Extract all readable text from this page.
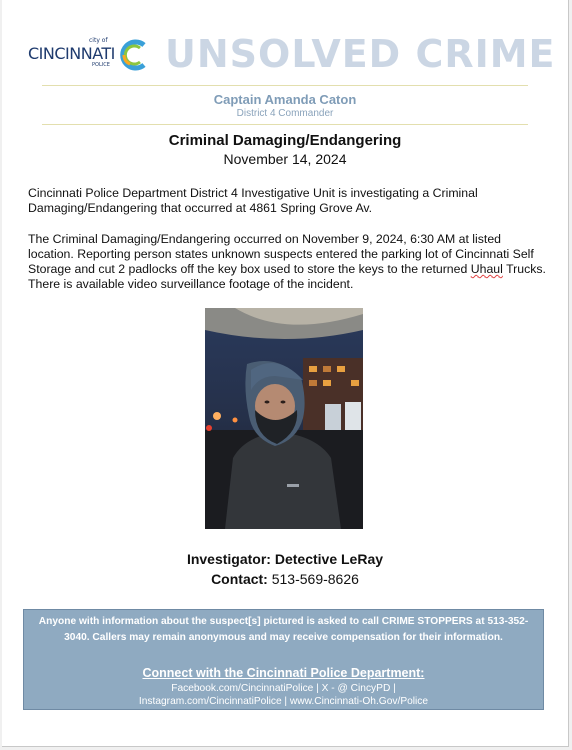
city of
CINCINNATI
POLICE UNSOLVED CRIME
Captain Amanda Caton
District 4 Commander
Criminal Damaging/Endangering
November 14, 2024
Cincinnati Police Department District 4 Investigative Unit is investigating a Criminal Damaging/Endangering that occurred at 4861 Spring Grove Av.
The Criminal Damaging/Endangering occurred on November 9, 2024, 6:30 AM at listed location. Reporting person states unknown suspects entered the parking lot of Cincinnati Self Storage and cut 2 padlocks off the key box used to store the keys to the returned Uhaul Trucks. There is available video surveillance footage of the incident.
Investigator: Detective LeRay
Contact: 513-569-8626
Anyone with information about the suspect[s] pictured is asked to call CRIME STOPPERS at 513-352-3040. Callers may remain anonymous and may receive compensation for their information.
Connect with the Cincinnati Police Department:
Facebook.com/CincinnatiPolice | X - @ CincyPD |
Instagram.com/CincinnatiPolice | www.Cincinnati-Oh.Gov/Police
